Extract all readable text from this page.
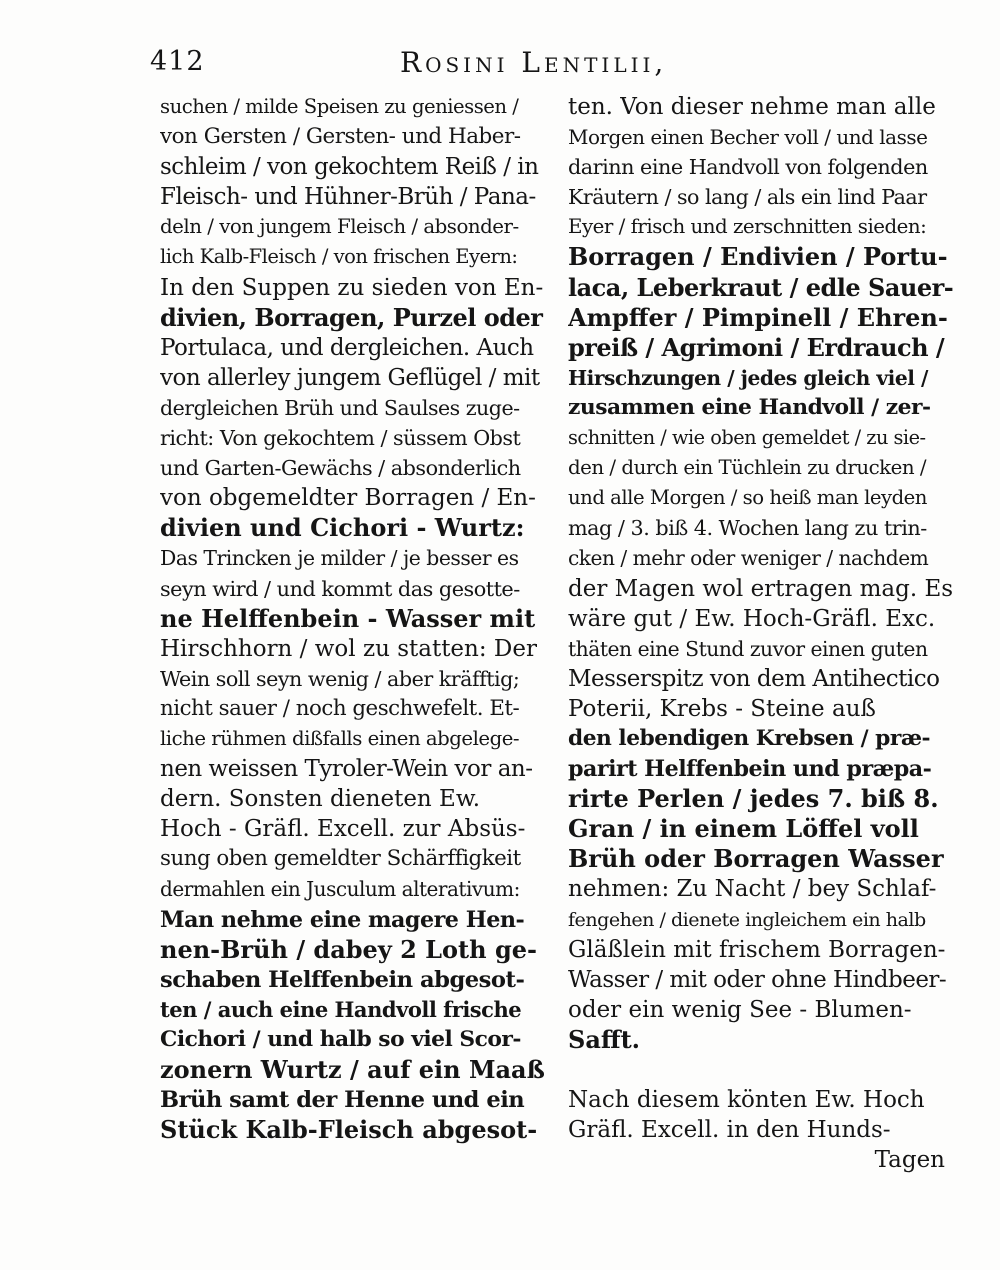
412	Rosini Lentilii,
suchen / milde Speisen zu geniessen /
von Gersten / Gersten- und Haber-
schleim / von gekochtem Reiß / in
Fleisch- und Hühner-Brüh / Pana-
deln / von jungem Fleisch / absonder-
lich Kalb-Fleisch / von frischen Eyern:
In den Suppen zu sieden von En-
divien, Borragen, Purzel oder
Portulaca, und dergleichen. Auch
von allerley jungem Geflügel / mit
dergleichen Brüh und Saulses zuge-
richt: Von gekochtem / süssem Obst
und Garten-Gewächs / absonderlich
von obgemeldter Borragen / En-
divien und Cichori - Wurtz:
Das Trincken je milder / je besser es
seyn wird / und kommt das gesotte-
ne Helffenbein - Wasser mit
Hirschhorn / wol zu statten: Der
Wein soll seyn wenig / aber kräfftig;
nicht sauer / noch geschwefelt. Et-
liche rühmen dißfalls einen abgelege-
nen weissen Tyroler-Wein vor an-
dern. Sonsten dieneten Ew.
Hoch - Gräfl. Excell. zur Absüs-
sung oben gemeldter Schärffigkeit
dermahlen ein Jusculum alterativum:
Man nehme eine magere Hen-
nen-Brüh / dabey 2 Loth ge-
schaben Helffenbein abgesot-
ten / auch eine Handvoll frische
Cichori / und halb so viel Scor-
zonern Wurtz / auf ein Maaß
Brüh samt der Henne und ein
Stück Kalb-Fleisch abgesot-
ten. Von dieser nehme man alle
Morgen einen Becher voll / und lasse
darinn eine Handvoll von folgenden
Kräutern / so lang / als ein lind Paar
Eyer / frisch und zerschnitten sieden:
Borragen / Endivien / Portu-
laca, Leberkraut / edle Sauer-
Ampffer / Pimpinell / Ehren-
preiß / Agrimoni / Erdrauch /
Hirschzungen / jedes gleich viel /
zusammen eine Handvoll / zer-
schnitten / wie oben gemeldet / zu sie-
den / durch ein Tüchlein zu drucken /
und alle Morgen / so heiß man leyden
mag / 3. biß 4. Wochen lang zu trin-
cken / mehr oder weniger / nachdem
der Magen wol ertragen mag. Es
wäre gut / Ew. Hoch-Gräfl. Exc.
thäten eine Stund zuvor einen guten
Messerspitz von dem Antihectico
Poterii, Krebs - Steine auß
den lebendigen Krebsen / præ-
parirt Helffenbein und præpa-
rirte Perlen / jedes 7. biß 8.
Gran / in einem Löffel voll
Brüh oder Borragen Wasser
nehmen: Zu Nacht / bey Schlaf-
fengehen / dienete ingleichem ein halb
Gläßlein mit frischem Borragen-
Wasser / mit oder ohne Hindbeer-
oder ein wenig See - Blumen-
Safft.
Nach diesem könten Ew. Hoch
Gräfl. Excell. in den Hunds-
Tagen
